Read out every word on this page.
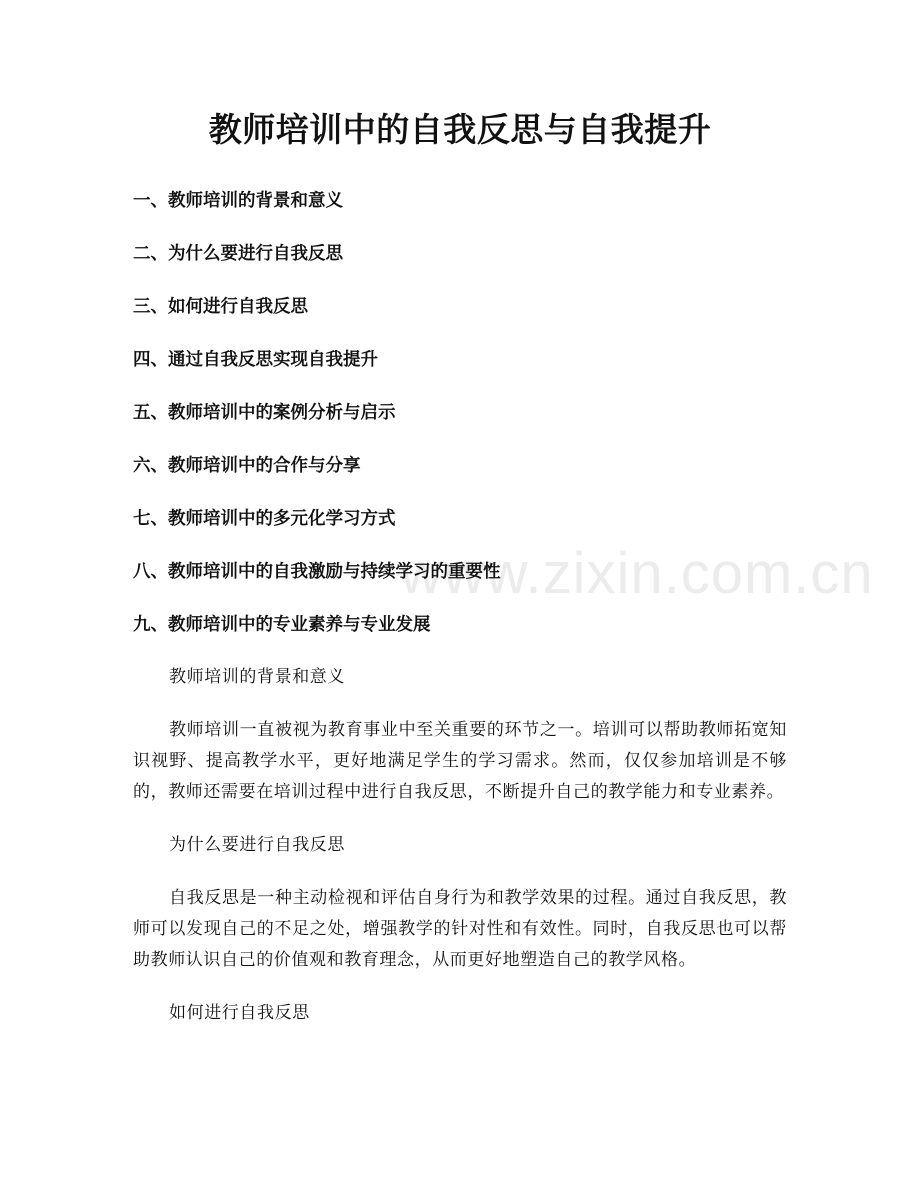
www.zixin.com.cn
教师培训中的自我反思与自我提升
一、教师培训的背景和意义
二、为什么要进行自我反思
三、如何进行自我反思
四、通过自我反思实现自我提升
五、教师培训中的案例分析与启示
六、教师培训中的合作与分享
七、教师培训中的多元化学习方式
八、教师培训中的自我激励与持续学习的重要性
九、教师培训中的专业素养与专业发展

教师培训的背景和意义

教师培训一直被视为教育事业中至关重要的环节之一。培训可以帮助教师拓宽知识视野、提高教学水平，更好地满足学生的学习需求。然而，仅仅参加培训是不够的，教师还需要在培训过程中进行自我反思，不断提升自己的教学能力和专业素养。

为什么要进行自我反思

自我反思是一种主动检视和评估自身行为和教学效果的过程。通过自我反思，教师可以发现自己的不足之处，增强教学的针对性和有效性。同时，自我反思也可以帮助教师认识自己的价值观和教育理念，从而更好地塑造自己的教学风格。

如何进行自我反思
